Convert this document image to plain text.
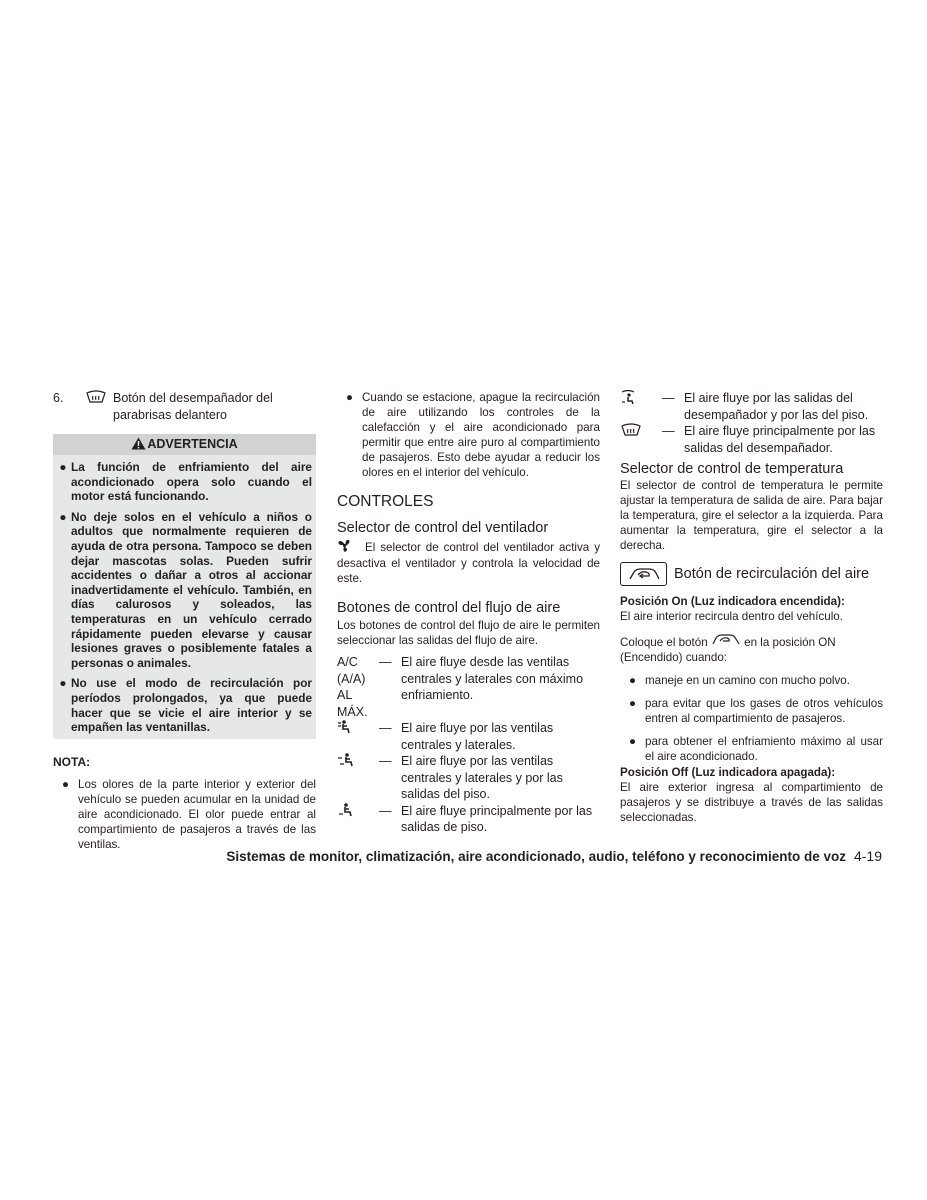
6.	Botón del desempañador del parabrisas delantero
ADVERTENCIA
● La función de enfriamiento del aire acondicionado opera solo cuando el motor está funcionando.
● No deje solos en el vehículo a niños o adultos que normalmente requieren de ayuda de otra persona. Tampoco se deben dejar mascotas solas. Pueden sufrir accidentes o dañar a otros al accionar inadvertidamente el vehículo. También, en días calurosos y soleados, las temperaturas en un vehículo cerrado rápidamente pueden elevarse y causar lesiones graves o posiblemente fatales a personas o animales.
● No use el modo de recirculación por períodos prolongados, ya que puede hacer que se vicie el aire interior y se empañen las ventanillas.
NOTA:
● Los olores de la parte interior y exterior del vehículo se pueden acumular en la unidad de aire acondicionado. El olor puede entrar al compartimiento de pasajeros a través de las ventilas.
● Cuando se estacione, apague la recirculación de aire utilizando los controles de la calefacción y el aire acondicionado para permitir que entre aire puro al compartimiento de pasajeros. Esto debe ayudar a reducir los olores en el interior del vehículo.
CONTROLES
Selector de control del ventilador
El selector de control del ventilador activa y desactiva el ventilador y controla la velocidad de este.
Botones de control del flujo de aire
Los botones de control del flujo de aire le permiten seleccionar las salidas del flujo de aire.
A/C
(A/A)
AL
MÁX.
— El aire fluye desde las ventilas centrales y laterales con máximo enfriamiento.
— El aire fluye por las ventilas centrales y laterales.
— El aire fluye por las ventilas centrales y laterales y por las salidas del piso.
— El aire fluye principalmente por las salidas de piso.
— El aire fluye por las salidas del desempañador y por las del piso.
— El aire fluye principalmente por las salidas del desempañador.
Selector de control de temperatura
El selector de control de temperatura le permite ajustar la temperatura de salida de aire. Para bajar la temperatura, gire el selector a la izquierda. Para aumentar la temperatura, gire el selector a la derecha.
Botón de recirculación del aire
Posición On (Luz indicadora encendida):
El aire interior recircula dentro del vehículo.
Coloque el botón	en la posición ON (Encendido) cuando:
● maneje en un camino con mucho polvo.
● para evitar que los gases de otros vehículos entren al compartimiento de pasajeros.
● para obtener el enfriamiento máximo al usar el aire acondicionado.
Posición Off (Luz indicadora apagada):
El aire exterior ingresa al compartimiento de pasajeros y se distribuye a través de las salidas seleccionadas.
Sistemas de monitor, climatización, aire acondicionado, audio, teléfono y reconocimiento de voz 4-19
